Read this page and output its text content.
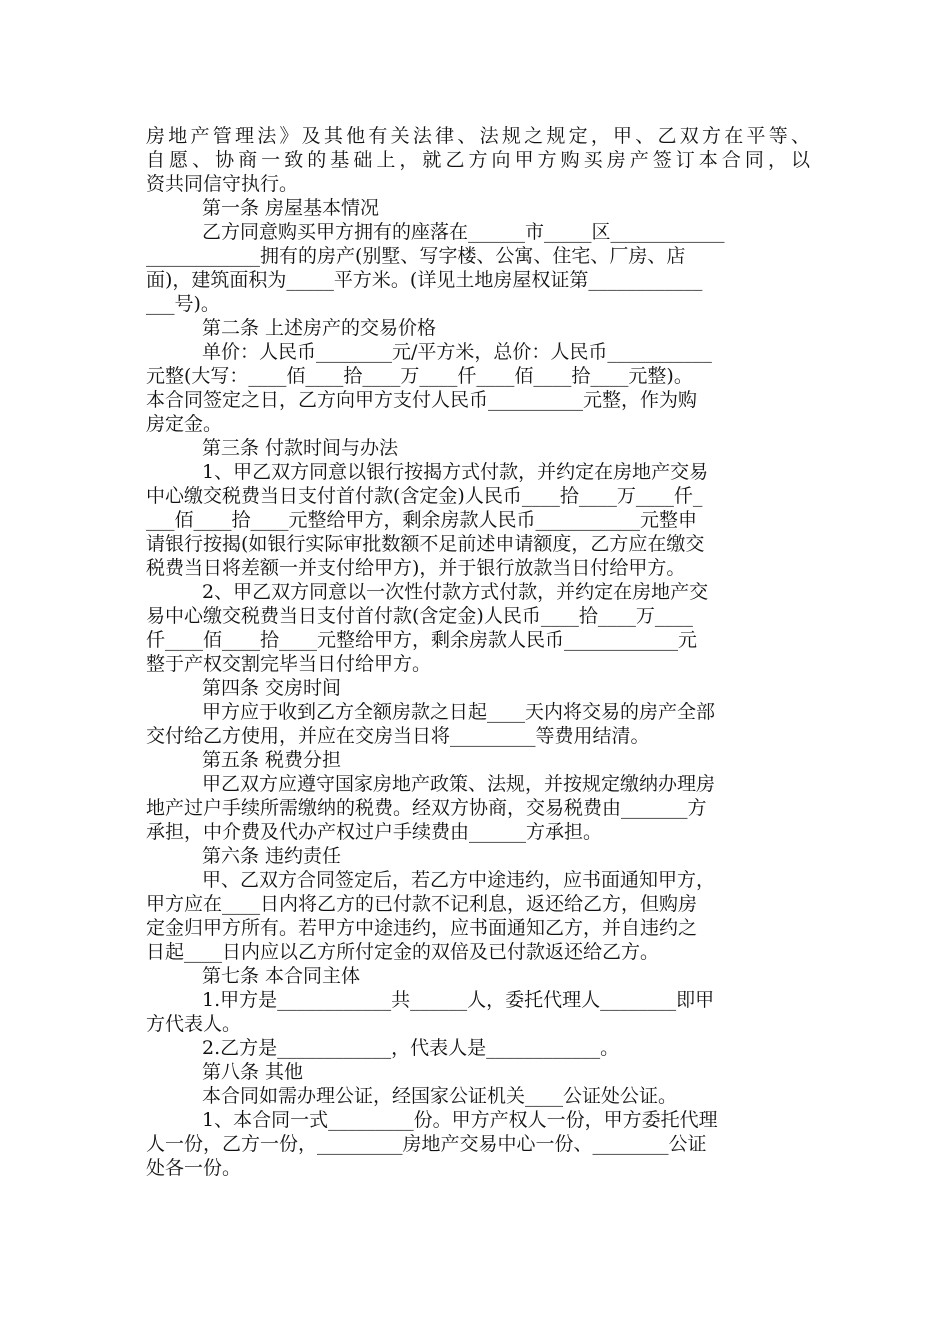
房地产管理法》及其他有关法律、法规之规定，甲、乙双方在平等、
自愿、协商一致的基础上，就乙方向甲方购买房产签订本合同，以
资共同信守执行。
第一条 房屋基本情况
乙方同意购买甲方拥有的座落在______市_____区____________
____________拥有的房产(别墅、写字楼、公寓、住宅、厂房、店
面)，建筑面积为_____平方米。(详见土地房屋权证第____________
___号)。
第二条 上述房产的交易价格
单价：人民币________元/平方米，总价：人民币___________
元整(大写：____佰____拾____万____仟____佰____拾____元整)。
本合同签定之日，乙方向甲方支付人民币__________元整，作为购
房定金。
第三条 付款时间与办法
1、甲乙双方同意以银行按揭方式付款，并约定在房地产交易
中心缴交税费当日支付首付款(含定金)人民币____拾____万____仟_
___佰____拾____元整给甲方，剩余房款人民币___________元整申
请银行按揭(如银行实际审批数额不足前述申请额度，乙方应在缴交
税费当日将差额一并支付给甲方)，并于银行放款当日付给甲方。
2、甲乙双方同意以一次性付款方式付款，并约定在房地产交
易中心缴交税费当日支付首付款(含定金)人民币____拾____万____
仟____佰____拾____元整给甲方，剩余房款人民币____________元
整于产权交割完毕当日付给甲方。
第四条 交房时间
甲方应于收到乙方全额房款之日起____天内将交易的房产全部
交付给乙方使用，并应在交房当日将_________等费用结清。
第五条 税费分担
甲乙双方应遵守国家房地产政策、法规，并按规定缴纳办理房
地产过户手续所需缴纳的税费。经双方协商，交易税费由_______方
承担，中介费及代办产权过户手续费由______方承担。
第六条 违约责任
甲、乙双方合同签定后，若乙方中途违约，应书面通知甲方，
甲方应在____日内将乙方的已付款不记利息，返还给乙方，但购房
定金归甲方所有。若甲方中途违约，应书面通知乙方，并自违约之
日起____日内应以乙方所付定金的双倍及已付款返还给乙方。
第七条 本合同主体
1.甲方是____________共______人，委托代理人________即甲
方代表人。
2.乙方是____________，代表人是____________。
第八条 其他
本合同如需办理公证，经国家公证机关____公证处公证。
1、本合同一式_________份。甲方产权人一份，甲方委托代理
人一份，乙方一份，_________房地产交易中心一份、________公证
处各一份。
